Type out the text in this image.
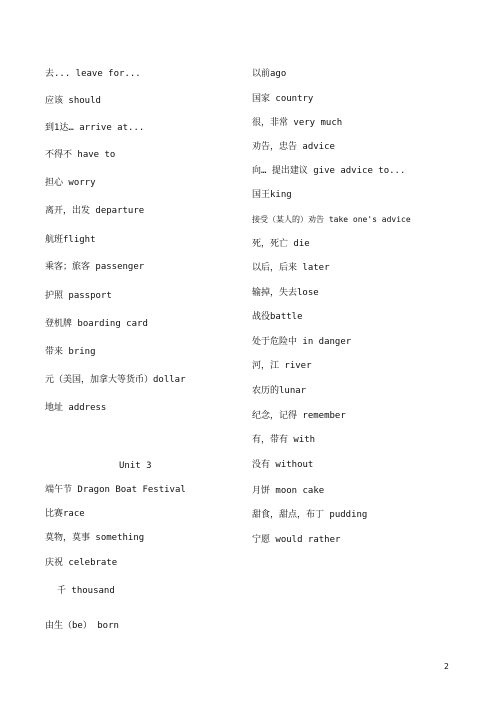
去... leave for...
应该 should
到1达… arrive at...
不得不 have to
担心 worry
离开，出发 departure
航班flight
乘客；旅客 passenger
护照 passport
登机牌 boarding card
带来 bring
元（美国，加拿大等货币）dollar
地址 address
Unit 3
端午节 Dragon Boat Festival
比赛race
莫物，莫事 something
庆祝 celebrate
千 thousand
由生（be） born
以前ago
国家 country
很，非常 very much
劝告，忠告 advice
向… 提出建议 give advice to...
国王king
接受（某人的）劝告 take one's advice
死，死亡 die
以后，后来 later
输掉，失去lose
战役battle
处于危险中 in danger
河，江 river
农历的lunar
纪念，记得 remember
有，带有 with
没有 without
月饼 moon cake
甜食，甜点，布丁 pudding
宁愿 would rather
2
